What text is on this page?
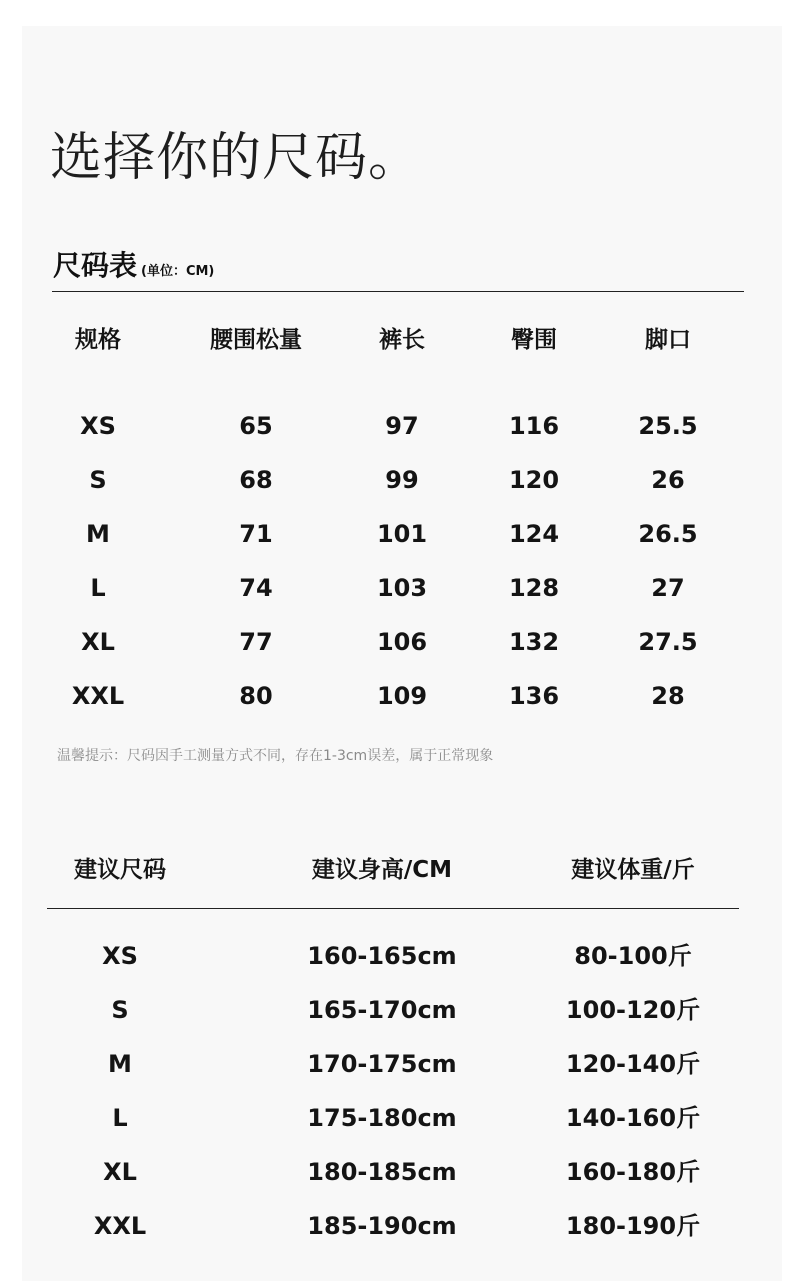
选择你的尺码。
尺码表 (单位：CM)
规格	腰围松量	裤长	臀围	脚口
XS	65	97	116	25.5
S	68	99	120	26
M	71	101	124	26.5
L	74	103	128	27
XL	77	106	132	27.5
XXL	80	109	136	28
温馨提示：尺码因手工测量方式不同，存在1-3cm误差，属于正常现象
建议尺码	建议身高/CM	建议体重/斤
XS	160-165cm	80-100斤
S	165-170cm	100-120斤
M	170-175cm	120-140斤
L	175-180cm	140-160斤
XL	180-185cm	160-180斤
XXL	185-190cm	180-190斤
